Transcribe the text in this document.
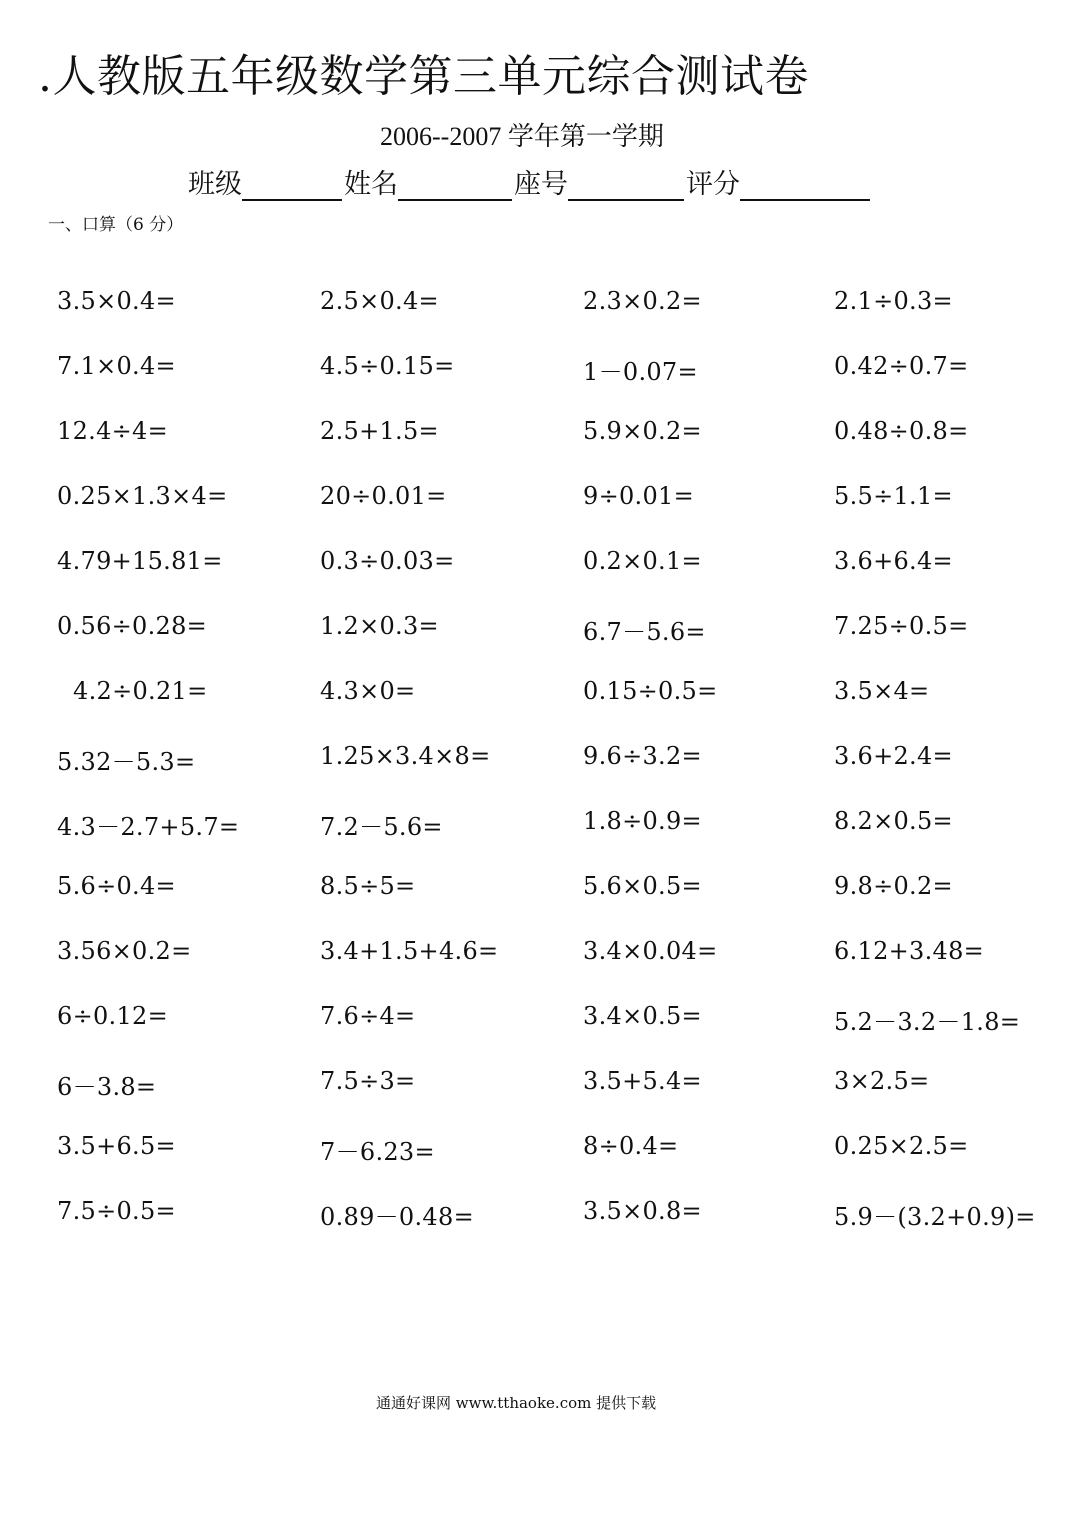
.人教版五年级数学第三单元综合测试卷
2006--2007 学年第一学期
班级	姓名	座号	评分
一、口算（6 分）
3.5×0.4=	2.5×0.4=	2.3×0.2=	2.1÷0.3=
7.1×0.4=	4.5÷0.15=	1－0.07=	0.42÷0.7=
12.4÷4=	2.5+1.5=	5.9×0.2=	0.48÷0.8=
0.25×1.3×4=	20÷0.01=	9÷0.01=	5.5÷1.1=
4.79+15.81=	0.3÷0.03=	0.2×0.1=	3.6+6.4=
0.56÷0.28=	1.2×0.3=	6.7－5.6=	7.25÷0.5=
4.2÷0.21=	4.3×0=	0.15÷0.5=	3.5×4=
5.32－5.3=	1.25×3.4×8=	9.6÷3.2=	3.6+2.4=
4.3－2.7+5.7=	7.2－5.6=	1.8÷0.9=	8.2×0.5=
5.6÷0.4=	8.5÷5=	5.6×0.5=	9.8÷0.2=
3.56×0.2=	3.4+1.5+4.6=	3.4×0.04=	6.12+3.48=
6÷0.12=	7.6÷4=	3.4×0.5=	5.2－3.2－1.8=
6－3.8=	7.5÷3=	3.5+5.4=	3×2.5=
3.5+6.5=	7－6.23=	8÷0.4=	0.25×2.5=
7.5÷0.5=	0.89－0.48=	3.5×0.8=	5.9－(3.2+0.9)=
通通好课网 www.tthaoke.com 提供下载
